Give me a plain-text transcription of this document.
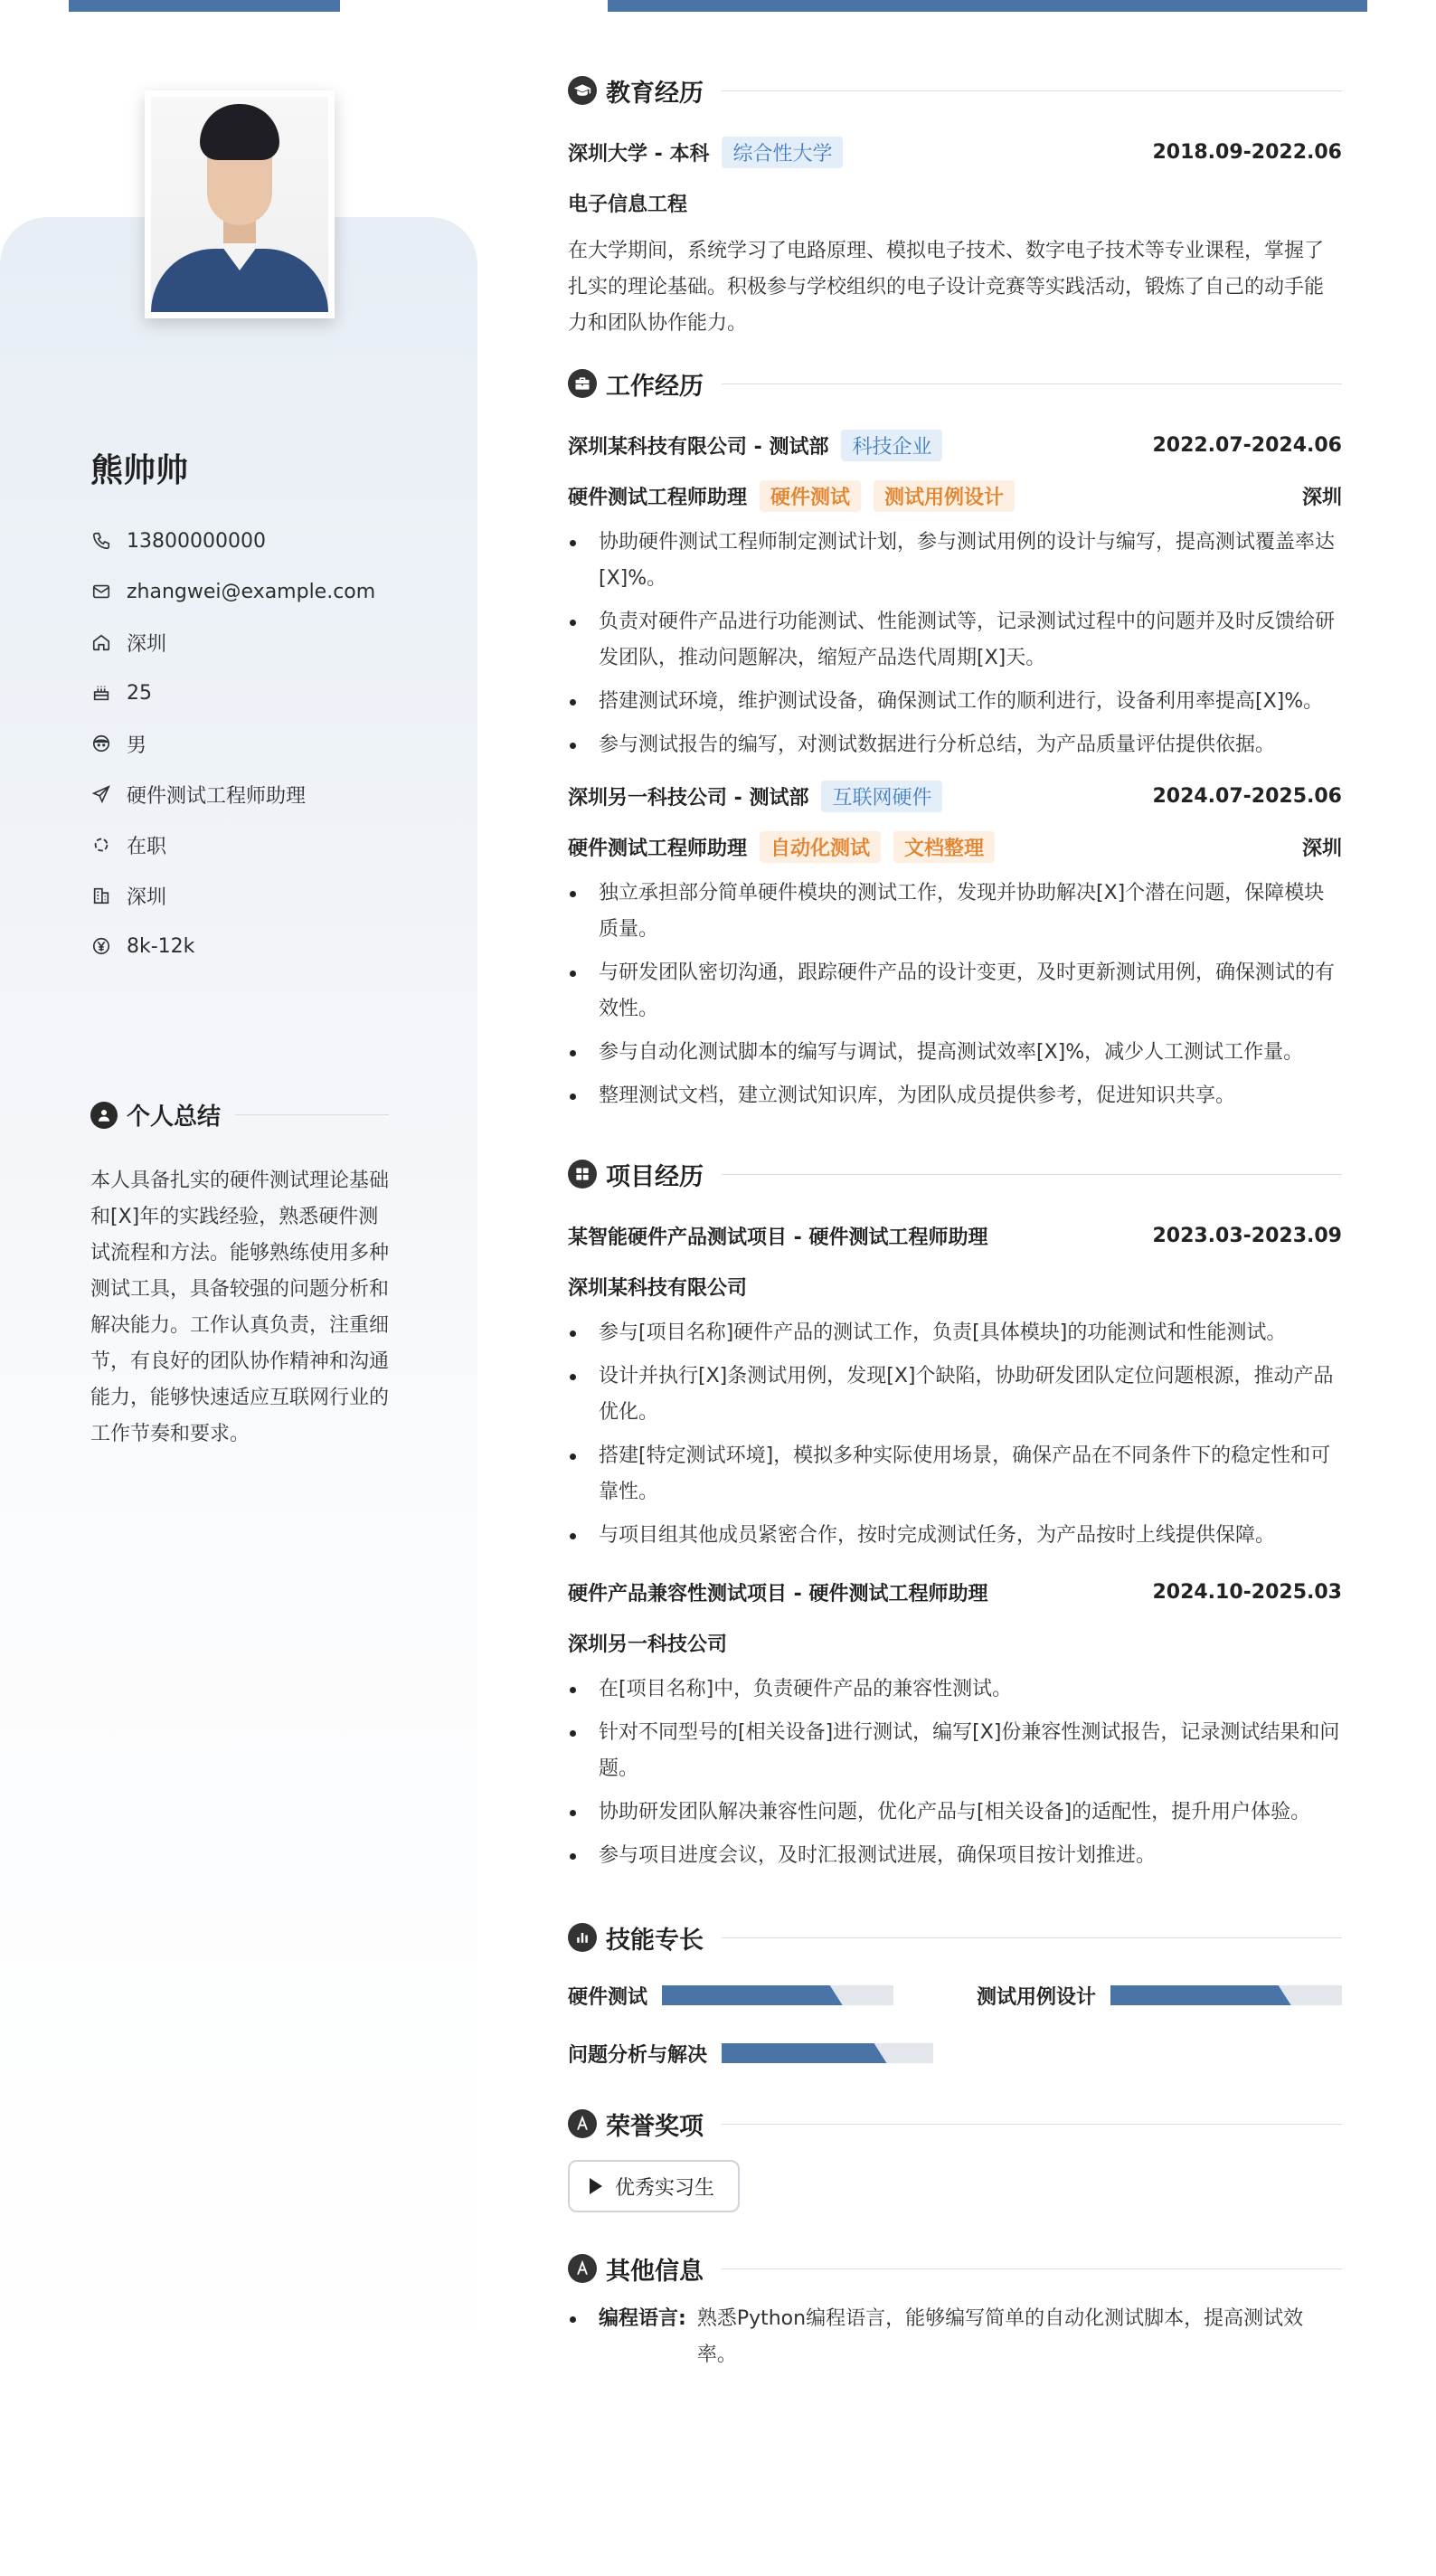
熊帅帅
13800000000
zhangwei@example.com
深圳
25
男
硬件测试工程师助理
在职
深圳
8k-12k
个人总结
本人具备扎实的硬件测试理论基础和[X]年的实践经验，熟悉硬件测试流程和方法。能够熟练使用多种测试工具，具备较强的问题分析和解决能力。工作认真负责，注重细节，有良好的团队协作精神和沟通能力，能够快速适应互联网行业的工作节奏和要求。
教育经历
深圳大学 - 本科	综合性大学	2018.09-2022.06
电子信息工程
在大学期间，系统学习了电路原理、模拟电子技术、数字电子技术等专业课程，掌握了扎实的理论基础。积极参与学校组织的电子设计竞赛等实践活动，锻炼了自己的动手能力和团队协作能力。
工作经历
深圳某科技有限公司 - 测试部	科技企业	2022.07-2024.06
硬件测试工程师助理	硬件测试	测试用例设计	深圳
协助硬件测试工程师制定测试计划，参与测试用例的设计与编写，提高测试覆盖率达[X]%。
负责对硬件产品进行功能测试、性能测试等，记录测试过程中的问题并及时反馈给研发团队，推动问题解决，缩短产品迭代周期[X]天。
搭建测试环境，维护测试设备，确保测试工作的顺利进行，设备利用率提高[X]%。
参与测试报告的编写，对测试数据进行分析总结，为产品质量评估提供依据。
深圳另一科技公司 - 测试部	互联网硬件	2024.07-2025.06
硬件测试工程师助理	自动化测试	文档整理	深圳
独立承担部分简单硬件模块的测试工作，发现并协助解决[X]个潜在问题，保障模块质量。
与研发团队密切沟通，跟踪硬件产品的设计变更，及时更新测试用例，确保测试的有效性。
参与自动化测试脚本的编写与调试，提高测试效率[X]%，减少人工测试工作量。
整理测试文档，建立测试知识库，为团队成员提供参考，促进知识共享。
项目经历
某智能硬件产品测试项目 - 硬件测试工程师助理	2023.03-2023.09
深圳某科技有限公司
参与[项目名称]硬件产品的测试工作，负责[具体模块]的功能测试和性能测试。
设计并执行[X]条测试用例，发现[X]个缺陷，协助研发团队定位问题根源，推动产品优化。
搭建[特定测试环境]，模拟多种实际使用场景，确保产品在不同条件下的稳定性和可靠性。
与项目组其他成员紧密合作，按时完成测试任务，为产品按时上线提供保障。
硬件产品兼容性测试项目 - 硬件测试工程师助理	2024.10-2025.03
深圳另一科技公司
在[项目名称]中，负责硬件产品的兼容性测试。
针对不同型号的[相关设备]进行测试，编写[X]份兼容性测试报告，记录测试结果和问题。
协助研发团队解决兼容性问题，优化产品与[相关设备]的适配性，提升用户体验。
参与项目进度会议，及时汇报测试进展，确保项目按计划推进。
技能专长
硬件测试	测试用例设计
问题分析与解决
荣誉奖项
优秀实习生
其他信息
编程语言: 熟悉Python编程语言，能够编写简单的自动化测试脚本，提高测试效率。
